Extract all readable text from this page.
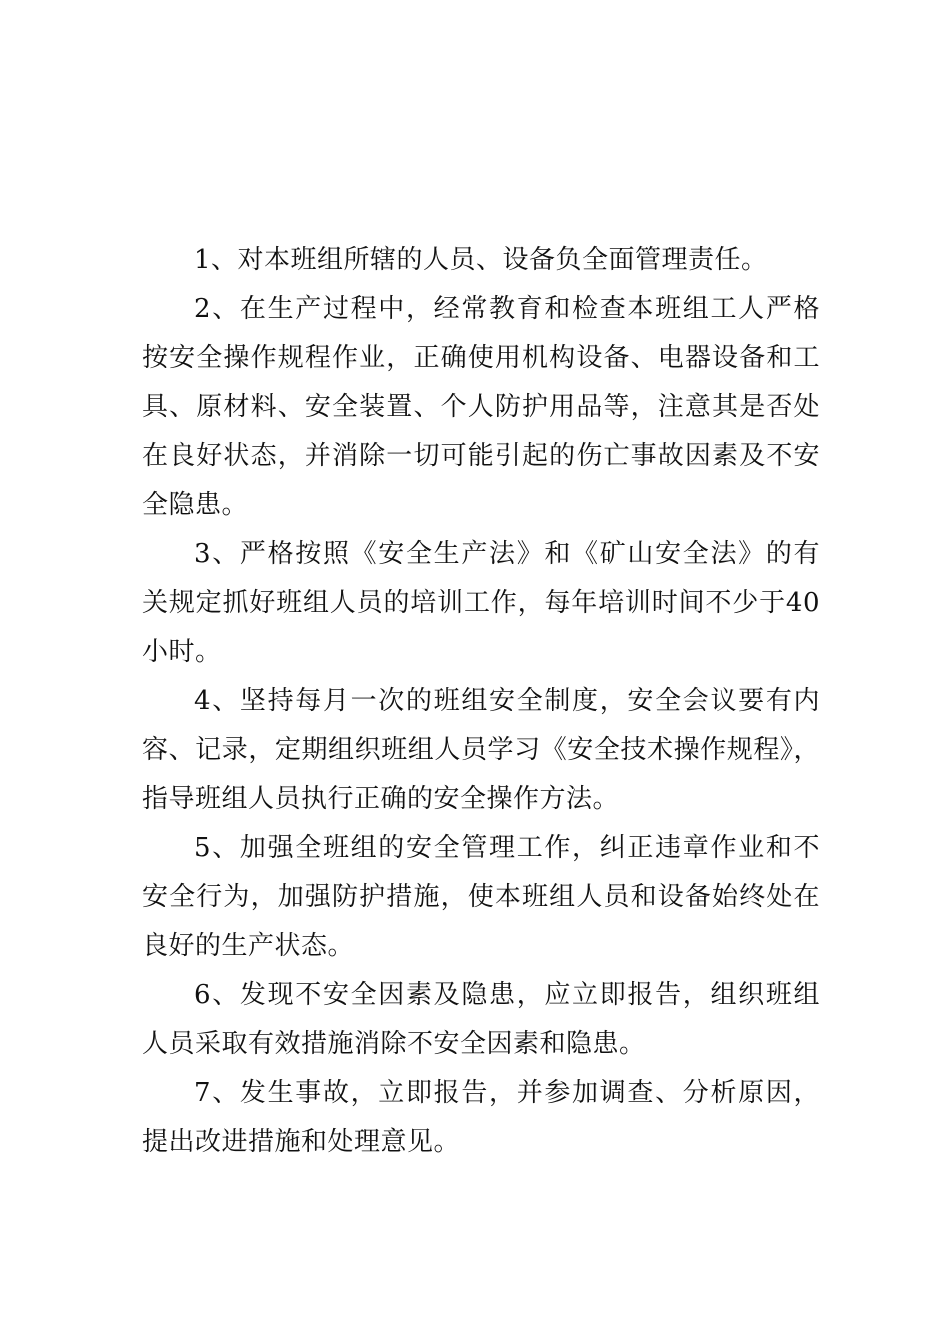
1、对本班组所辖的人员、设备负全面管理责任。

2、在生产过程中，经常教育和检查本班组工人严格按安全操作规程作业，正确使用机构设备、电器设备和工具、原材料、安全装置、个人防护用品等，注意其是否处在良好状态，并消除一切可能引起的伤亡事故因素及不安全隐患。

3、严格按照《安全生产法》和《矿山安全法》的有关规定抓好班组人员的培训工作，每年培训时间不少于40小时。

4、坚持每月一次的班组安全制度，安全会议要有内容、记录，定期组织班组人员学习《安全技术操作规程》，指导班组人员执行正确的安全操作方法。

5、加强全班组的安全管理工作，纠正违章作业和不安全行为，加强防护措施，使本班组人员和设备始终处在良好的生产状态。

6、发现不安全因素及隐患，应立即报告，组织班组人员采取有效措施消除不安全因素和隐患。

7、发生事故，立即报告，并参加调查、分析原因，提出改进措施和处理意见。
